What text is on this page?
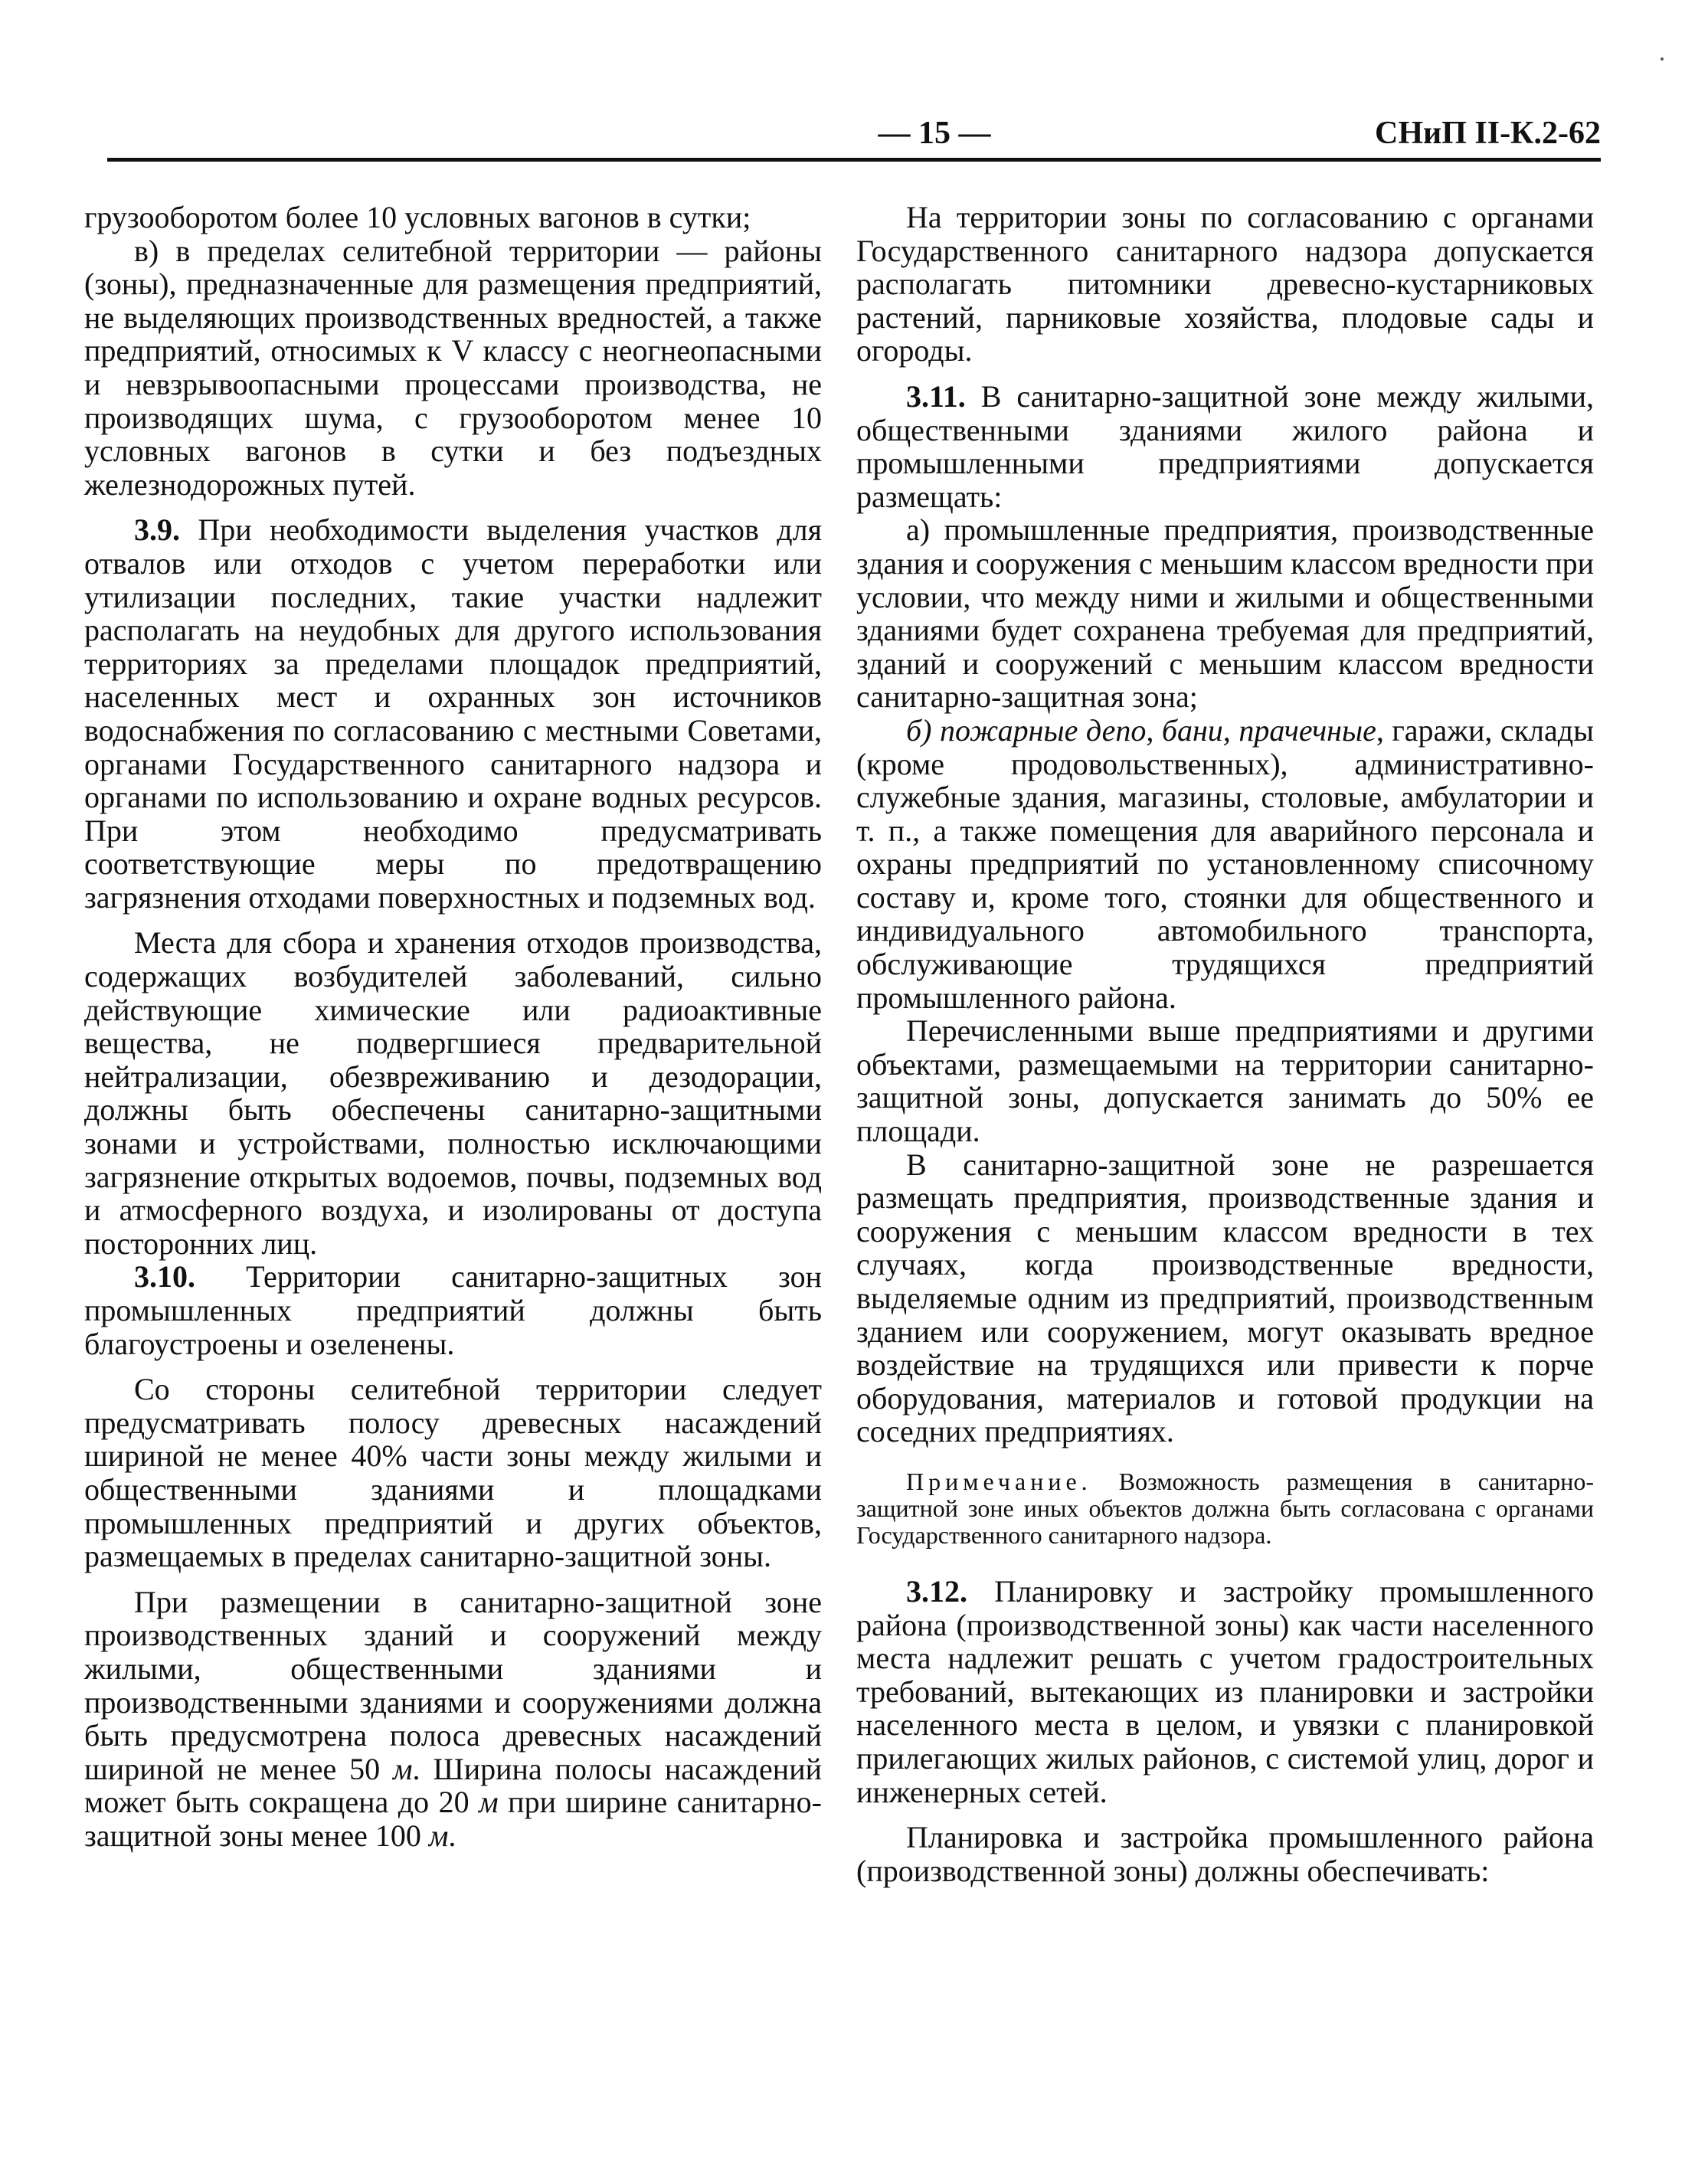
— 15 —	СНиП II-К.2-62

грузооборотом более 10 условных вагонов в сутки;

в) в пределах селитебной территории — районы (зоны), предназначенные для размещения предприятий, не выделяющих производственных вредностей, а также предприятий, относимых к V классу с неогнеопасными и невзрывоопасными процессами производства, не производящих шума, с грузооборотом менее 10 условных вагонов в сутки и без подъездных железнодорожных путей.

3.9. При необходимости выделения участков для отвалов или отходов с учетом переработки или утилизации последних, такие участки надлежит располагать на неудобных для другого использования территориях за пределами площадок предприятий, населенных мест и охранных зон источников водоснабжения по согласованию с местными Советами, органами Государственного санитарного надзора и органами по использованию и охране водных ресурсов. При этом необходимо предусматривать соответствующие меры по предотвращению загрязнения отходами поверхностных и подземных вод.

Места для сбора и хранения отходов производства, содержащих возбудителей заболеваний, сильно действующие химические или радиоактивные вещества, не подвергшиеся предварительной нейтрализации, обезвреживанию и дезодорации, должны быть обеспечены санитарно-защитными зонами и устройствами, полностью исключающими загрязнение открытых водоемов, почвы, подземных вод и атмосферного воздуха, и изолированы от доступа посторонних лиц.

3.10. Территории санитарно-защитных зон промышленных предприятий должны быть благоустроены и озеленены.

Со стороны селитебной территории следует предусматривать полосу древесных насаждений шириной не менее 40% части зоны между жилыми и общественными зданиями и площадками промышленных предприятий и других объектов, размещаемых в пределах санитарно-защитной зоны.

При размещении в санитарно-защитной зоне производственных зданий и сооружений между жилыми, общественными зданиями и производственными зданиями и сооружениями должна быть предусмотрена полоса древесных насаждений шириной не менее 50 м. Ширина полосы насаждений может быть сокращена до 20 м при ширине санитарно-защитной зоны менее 100 м.

На территории зоны по согласованию с органами Государственного санитарного надзора допускается располагать питомники древесно-кустарниковых растений, парниковые хозяйства, плодовые сады и огороды.

3.11. В санитарно-защитной зоне между жилыми, общественными зданиями жилого района и промышленными предприятиями допускается размещать:

а) промышленные предприятия, производственные здания и сооружения с меньшим классом вредности при условии, что между ними и жилыми и общественными зданиями будет сохранена требуемая для предприятий, зданий и сооружений с меньшим классом вредности санитарно-защитная зона;

б) пожарные депо, бани, прачечные, гаражи, склады (кроме продовольственных), административно-служебные здания, магазины, столовые, амбулатории и т. п., а также помещения для аварийного персонала и охраны предприятий по установленному списочному составу и, кроме того, стоянки для общественного и индивидуального автомобильного транспорта, обслуживающие трудящихся предприятий промышленного района.

Перечисленными выше предприятиями и другими объектами, размещаемыми на территории санитарно-защитной зоны, допускается занимать до 50% ее площади.

В санитарно-защитной зоне не разрешается размещать предприятия, производственные здания и сооружения с меньшим классом вредности в тех случаях, когда производственные вредности, выделяемые одним из предприятий, производственным зданием или сооружением, могут оказывать вредное воздействие на трудящихся или привести к порче оборудования, материалов и готовой продукции на соседних предприятиях.

Примечание. Возможность размещения в санитарно-защитной зоне иных объектов должна быть согласована с органами Государственного санитарного надзора.

3.12. Планировку и застройку промышленного района (производственной зоны) как части населенного места надлежит решать с учетом градостроительных требований, вытекающих из планировки и застройки населенного места в целом, и увязки с планировкой прилегающих жилых районов, с системой улиц, дорог и инженерных сетей.

Планировка и застройка промышленного района (производственной зоны) должны обеспечивать:
